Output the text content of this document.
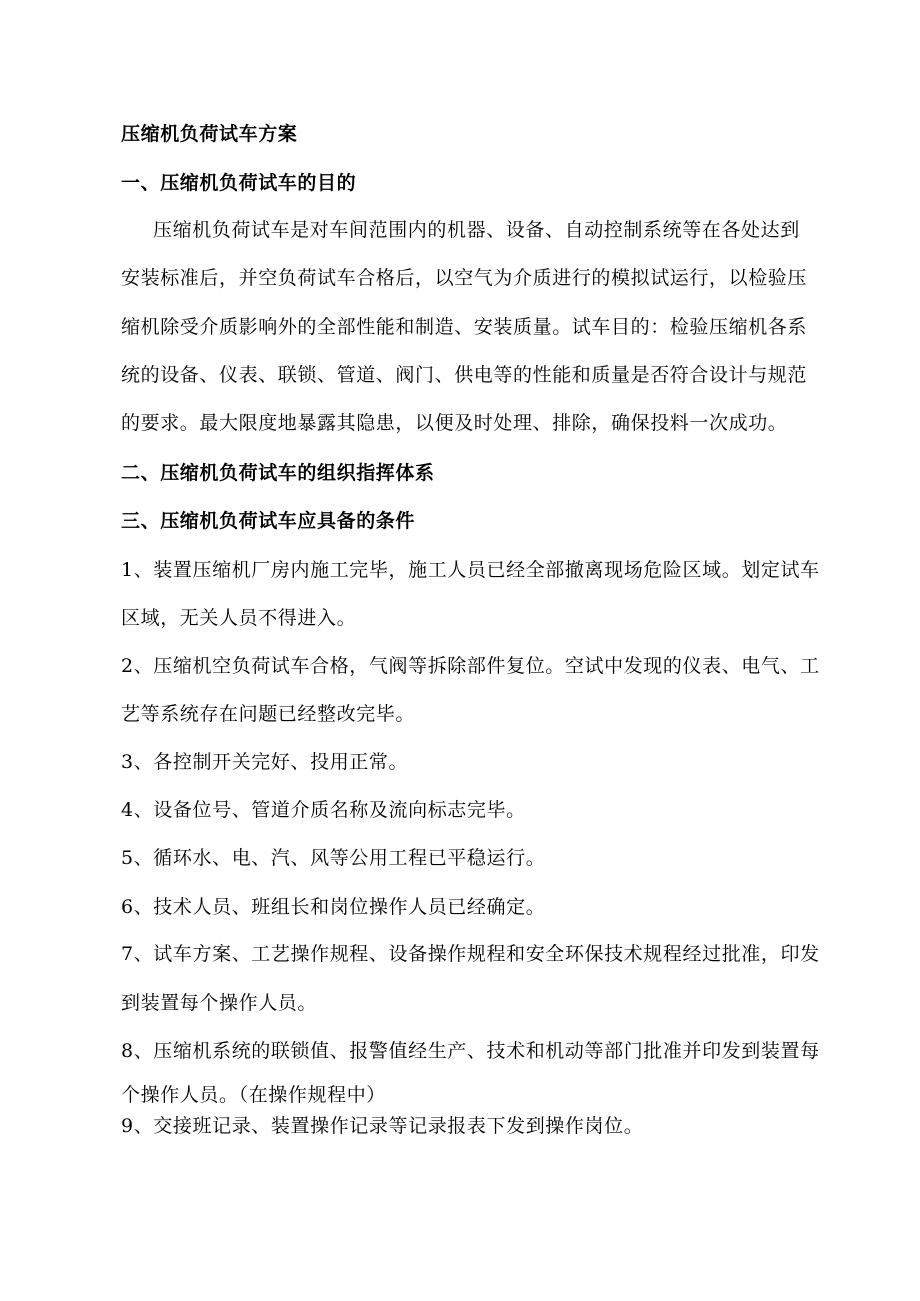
压缩机负荷试车方案
一、压缩机负荷试车的目的
压缩机负荷试车是对车间范围内的机器、设备、自动控制系统等在各处达到
安装标准后，并空负荷试车合格后，以空气为介质进行的模拟试运行，以检验压
缩机除受介质影响外的全部性能和制造、安装质量。试车目的：检验压缩机各系
统的设备、仪表、联锁、管道、阀门、供电等的性能和质量是否符合设计与规范
的要求。最大限度地暴露其隐患，以便及时处理、排除，确保投料一次成功。
二、压缩机负荷试车的组织指挥体系
三、压缩机负荷试车应具备的条件
1、装置压缩机厂房内施工完毕，施工人员已经全部撤离现场危险区域。划定试车
区域，无关人员不得进入。
2、压缩机空负荷试车合格，气阀等拆除部件复位。空试中发现的仪表、电气、工
艺等系统存在问题已经整改完毕。
3、各控制开关完好、投用正常。
4、设备位号、管道介质名称及流向标志完毕。
5、循环水、电、汽、风等公用工程已平稳运行。
6、技术人员、班组长和岗位操作人员已经确定。
7、试车方案、工艺操作规程、设备操作规程和安全环保技术规程经过批准，印发
到装置每个操作人员。
8、压缩机系统的联锁值、报警值经生产、技术和机动等部门批准并印发到装置每
个操作人员。（在操作规程中）
9、交接班记录、装置操作记录等记录报表下发到操作岗位。
